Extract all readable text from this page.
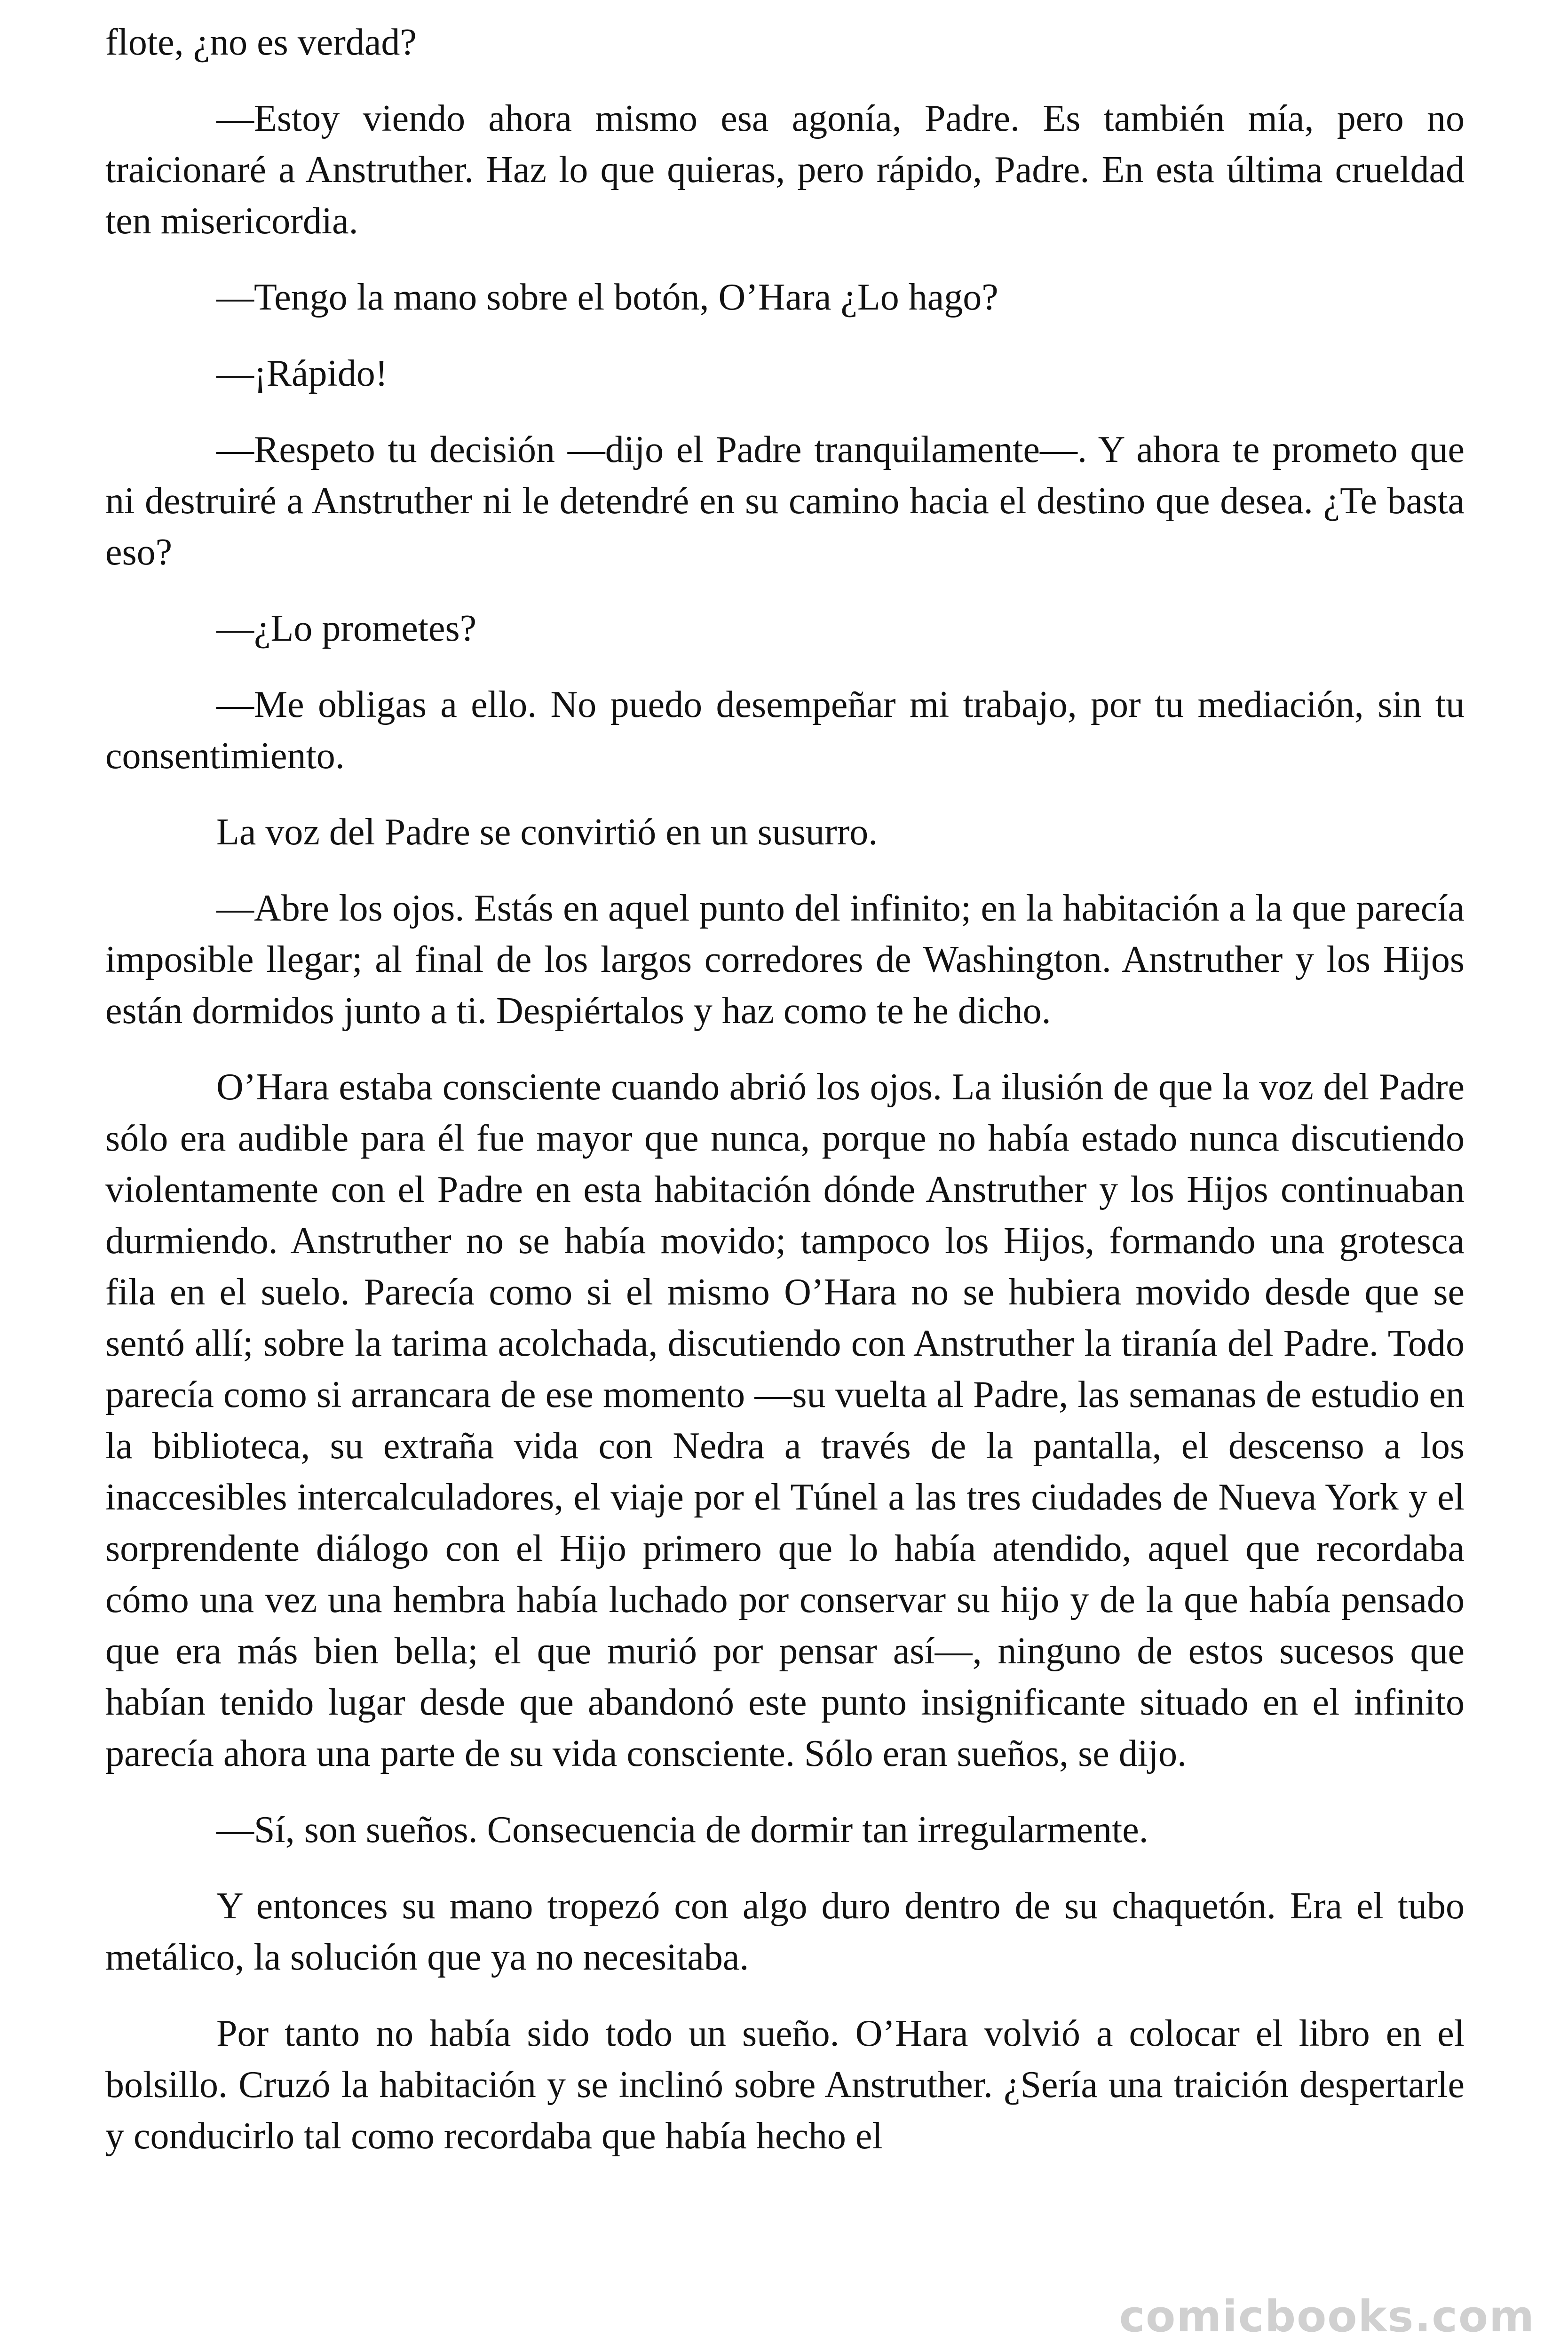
flote, ¿no es verdad?

—Estoy viendo ahora mismo esa agonía, Padre. Es también mía, pero no traicionaré a Anstruther. Haz lo que quieras, pero rápido, Padre. En esta última crueldad ten misericordia.

—Tengo la mano sobre el botón, O’Hara ¿Lo hago?

—¡Rápido!

—Respeto tu decisión —dijo el Padre tranquilamente—. Y ahora te prometo que ni destruiré a Anstruther ni le detendré en su camino hacia el destino que desea. ¿Te basta eso?

—¿Lo prometes?

—Me obligas a ello. No puedo desempeñar mi trabajo, por tu mediación, sin tu consentimiento.

La voz del Padre se convirtió en un susurro.

—Abre los ojos. Estás en aquel punto del infinito; en la habitación a la que parecía imposible llegar; al final de los largos corredores de Washington. Anstruther y los Hijos están dormidos junto a ti. Despiértalos y haz como te he dicho.

O’Hara estaba consciente cuando abrió los ojos. La ilusión de que la voz del Padre sólo era audible para él fue mayor que nunca, porque no había estado nunca discutiendo violentamente con el Padre en esta habitación dónde Anstruther y los Hijos continuaban durmiendo. Anstruther no se había movido; tampoco los Hijos, formando una grotesca fila en el suelo. Parecía como si el mismo O’Hara no se hubiera movido desde que se sentó allí; sobre la tarima acolchada, discutiendo con Anstruther la tiranía del Padre. Todo parecía como si arrancara de ese momento —su vuelta al Padre, las semanas de estudio en la biblioteca, su extraña vida con Nedra a través de la pantalla, el descenso a los inaccesibles intercalculadores, el viaje por el Túnel a las tres ciudades de Nueva York y el sorprendente diálogo con el Hijo primero que lo había atendido, aquel que recordaba cómo una vez una hembra había luchado por conservar su hijo y de la que había pensado que era más bien bella; el que murió por pensar así—, ninguno de estos sucesos que habían tenido lugar desde que abandonó este punto insignificante situado en el infinito parecía ahora una parte de su vida consciente. Sólo eran sueños, se dijo.

—Sí, son sueños. Consecuencia de dormir tan irregularmente.

Y entonces su mano tropezó con algo duro dentro de su chaquetón. Era el tubo metálico, la solución que ya no necesitaba.

Por tanto no había sido todo un sueño. O’Hara volvió a colocar el libro en el bolsillo. Cruzó la habitación y se inclinó sobre Anstruther. ¿Sería una traición despertarle y conducirlo tal como recordaba que había hecho el

comicbooks.com
